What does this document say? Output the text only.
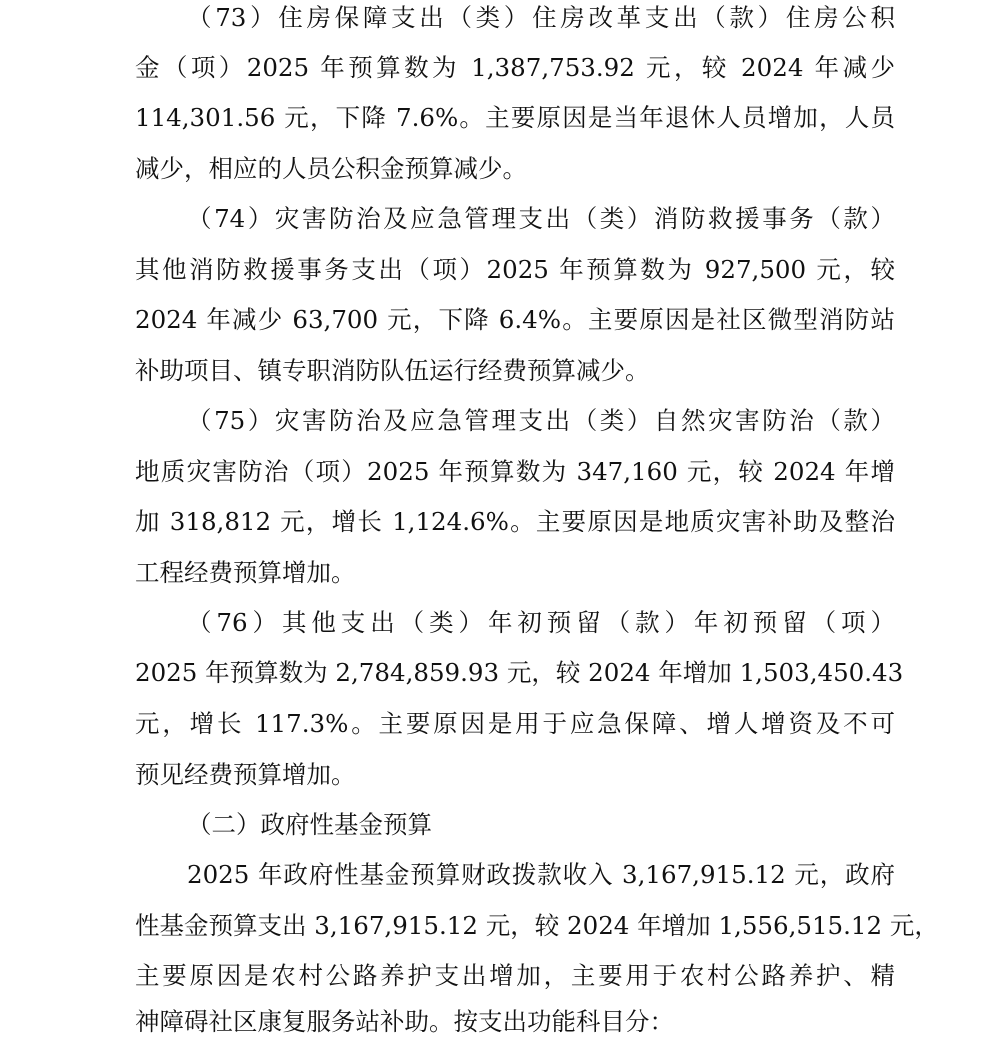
（73）住房保障支出（类）住房改革支出（款）住房公积
金（项）2025 年预算数为 1,387,753.92 元，较 2024 年减少
114,301.56 元，下降 7.6%。主要原因是当年退休人员增加，人员
减少，相应的人员公积金预算减少。
（74）灾害防治及应急管理支出（类）消防救援事务（款）
其他消防救援事务支出（项）2025 年预算数为 927,500 元，较
2024 年减少 63,700 元，下降 6.4%。主要原因是社区微型消防站
补助项目、镇专职消防队伍运行经费预算减少。
（75）灾害防治及应急管理支出（类）自然灾害防治（款）
地质灾害防治（项）2025 年预算数为 347,160 元，较 2024 年增
加 318,812 元，增长 1,124.6%。主要原因是地质灾害补助及整治
工程经费预算增加。
（76）其他支出（类）年初预留（款）年初预留（项）
2025 年预算数为 2,784,859.93 元，较 2024 年增加 1,503,450.43
元，增长 117.3%。主要原因是用于应急保障、增人增资及不可
预见经费预算增加。
（二）政府性基金预算
2025 年政府性基金预算财政拨款收入 3,167,915.12 元，政府
性基金预算支出 3,167,915.12 元，较 2024 年增加 1,556,515.12 元，
主要原因是农村公路养护支出增加，主要用于农村公路养护、精
神障碍社区康复服务站补助。按支出功能科目分：
